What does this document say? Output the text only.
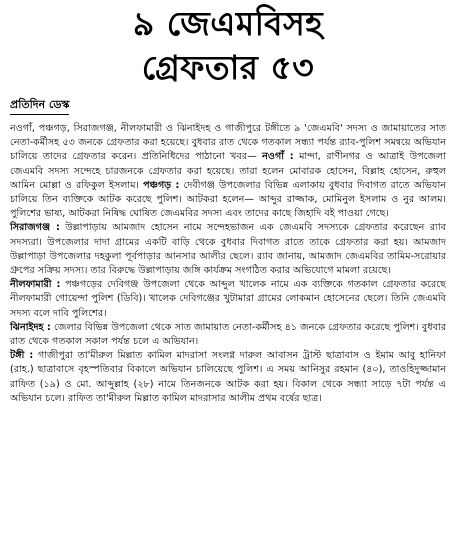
৯ জেএমবিসহ
গ্রেফতার ৫৩
প্রতিদিন ডেস্ক

নওগাঁ, পঞ্চগড়, সিরাজগঞ্জ, নীলফামারী ও ঝিনাইদহ ও গাজীপুরে টঙ্গীতে ৯ 'জেএমবি' সদস্য ও জামায়াতের সাত নেতা-কর্মীসহ ৫৩ জনকে গ্রেফতার করা হয়েছে। বুধবার রাত থেকে গতকাল সন্ধ্যা পর্যন্ত র‌্যাব-পুলিশ সমন্বয়ে অভিযান চালিয়ে তাদের গ্রেফতার করেন। প্রতিনিধিদের পাঠানো খবর— নওগাঁ : মান্দা, রাণীনগর ও আত্রাই উপজেলা জেএমবি সদস্য সন্দেহে চারজনকে গ্রেফতার করা হয়েছে। তারা হলেন মোবারক হোসেন, বিল্লাহ হোসেন, রুহুল আমিন মোল্লা ও রফিকুল ইসলাম। পঞ্চগড় : দেবীগঞ্জ উপজেলার বিভিন্ন এলাকায় বুধবার দিবাগত রাতে অভিযান চালিয়ে তিন ব্যক্তিকে আটক করেছে পুলিশ। আটকরা হলেন— আব্দুর রাজ্জাক, মোমিনুল ইসলাম ও নুর আলম। পুলিশের ভাষ্য, আটকরা নিষিদ্ধ ঘোষিত জেএমবির সদস্য এবং তাদের কাছে জিহাদি বই পাওয়া গেছে।

সিরাজগঞ্জ : উল্লাপাড়ায় আমজাদ হোসেন নামে সন্দেহভাজন এক জেএমবি সদস্যকে গ্রেফতার করেছেন র‌্যাব সদস্যরা। উপজেলার দাদা গ্রামের একটি বাড়ি থেকে বুধবার দিবাগত রাতে তাকে গ্রেফতার করা হয়। আমজাদ উল্লাপাড়া উপজেলার দহকুলা পূর্বপাড়ার আনসার আলীর ছেলে। র‌্যাব জানায়, আমজাদ জেএমবির তামিম-সরোয়ার গ্রুপের সক্রিয় সদস্য। তার বিরুদ্ধে উল্লাপাড়ায় জঙ্গি কার্যক্রম সংগঠিত করার অভিযোগে মামলা রয়েছে।

নীলফামারী : পঞ্চগড়ের দেবিগঞ্জ উপজেলা থেকে আব্দুল খালেক নামে এক ব্যক্তিকে গতকাল গ্রেফতার করেছে নীলফামারী গোয়েন্দা পুলিশ (ডিবি)। খালেক দেবিগঞ্জের খুটামারা গ্রামের লোকমান হোসেনের ছেলে। তিনি জেএমবি সদস্য বলে দাবি পুলিশের।

ঝিনাইদহ : জেলার বিভিন্ন উপজেলা থেকে সাত জামায়াত নেতা-কর্মীসহ ৪১ জনকে গ্রেফতার করেছে পুলিশ। বুধবার রাত থেকে গতকাল সকাল পর্যন্ত চলে এ অভিযান।

টঙ্গী : গাজীপুরা তা'মীরুল মিল্লাত কামিল মাদরাসা সংলগ্ন দারুল আবাসন ট্রাস্ট ছাত্রাবাস ও ইমাম আবু হানিফা (রাহ.) ছাত্রাবাসে বৃহস্পতিবার বিকালে অভিযান চালিয়েছে পুলিশ। এ সময় আনিসুর রহমান (৪০), তাওহিদুজ্জামান রাফিত (১৯) ও মো. আব্দুল্লাহ (২৮) নামে তিনজনকে আটক করা হয়। বিকাল থেকে সন্ধ্যা সাড়ে ৭টা পর্যন্ত এ অভিযান চলে। রাফিত তা'মীরুল মিল্লাত কামিল মাদরাসার আলীম প্রথম বর্ষের ছাত্র।
